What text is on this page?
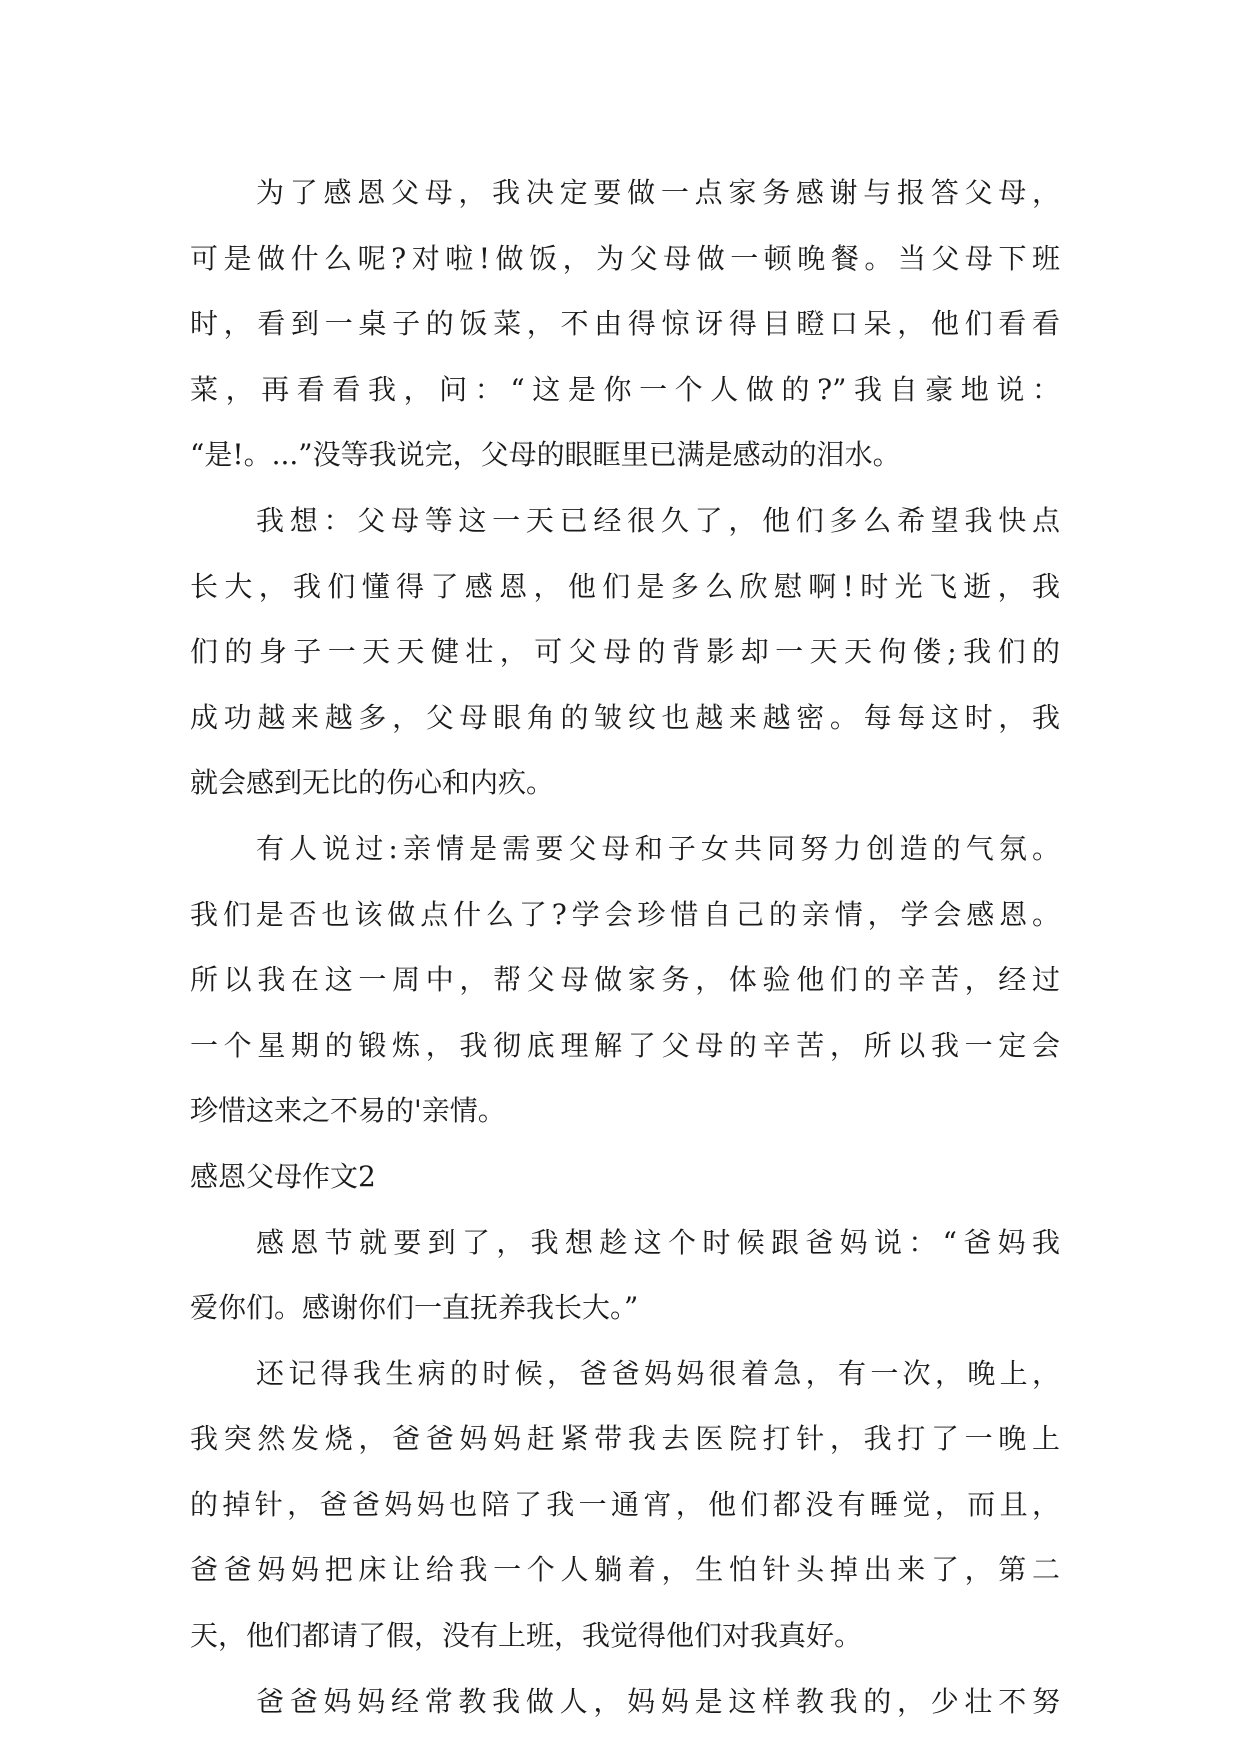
为了感恩父母，我决定要做一点家务感谢与报答父母，
可是做什么呢?对啦!做饭，为父母做一顿晚餐。当父母下班
时，看到一桌子的饭菜，不由得惊讶得目瞪口呆，他们看看
菜，再看看我，问：“这是你一个人做的?”我自豪地说：
“是!。...”没等我说完，父母的眼眶里已满是感动的泪水。
我想：父母等这一天已经很久了，他们多么希望我快点
长大，我们懂得了感恩，他们是多么欣慰啊!时光飞逝，我
们的身子一天天健壮，可父母的背影却一天天佝偻;我们的
成功越来越多，父母眼角的皱纹也越来越密。每每这时，我
就会感到无比的伤心和内疚。
有人说过:亲情是需要父母和子女共同努力创造的气氛。
我们是否也该做点什么了?学会珍惜自己的亲情，学会感恩。
所以我在这一周中，帮父母做家务，体验他们的辛苦，经过
一个星期的锻炼，我彻底理解了父母的辛苦，所以我一定会
珍惜这来之不易的'亲情。
感恩父母作文2
感恩节就要到了，我想趁这个时候跟爸妈说：“爸妈我
爱你们。感谢你们一直抚养我长大。”
还记得我生病的时候，爸爸妈妈很着急，有一次，晚上，
我突然发烧，爸爸妈妈赶紧带我去医院打针，我打了一晚上
的掉针，爸爸妈妈也陪了我一通宵，他们都没有睡觉，而且，
爸爸妈妈把床让给我一个人躺着，生怕针头掉出来了，第二
天，他们都请了假，没有上班，我觉得他们对我真好。
爸爸妈妈经常教我做人，妈妈是这样教我的，少壮不努
